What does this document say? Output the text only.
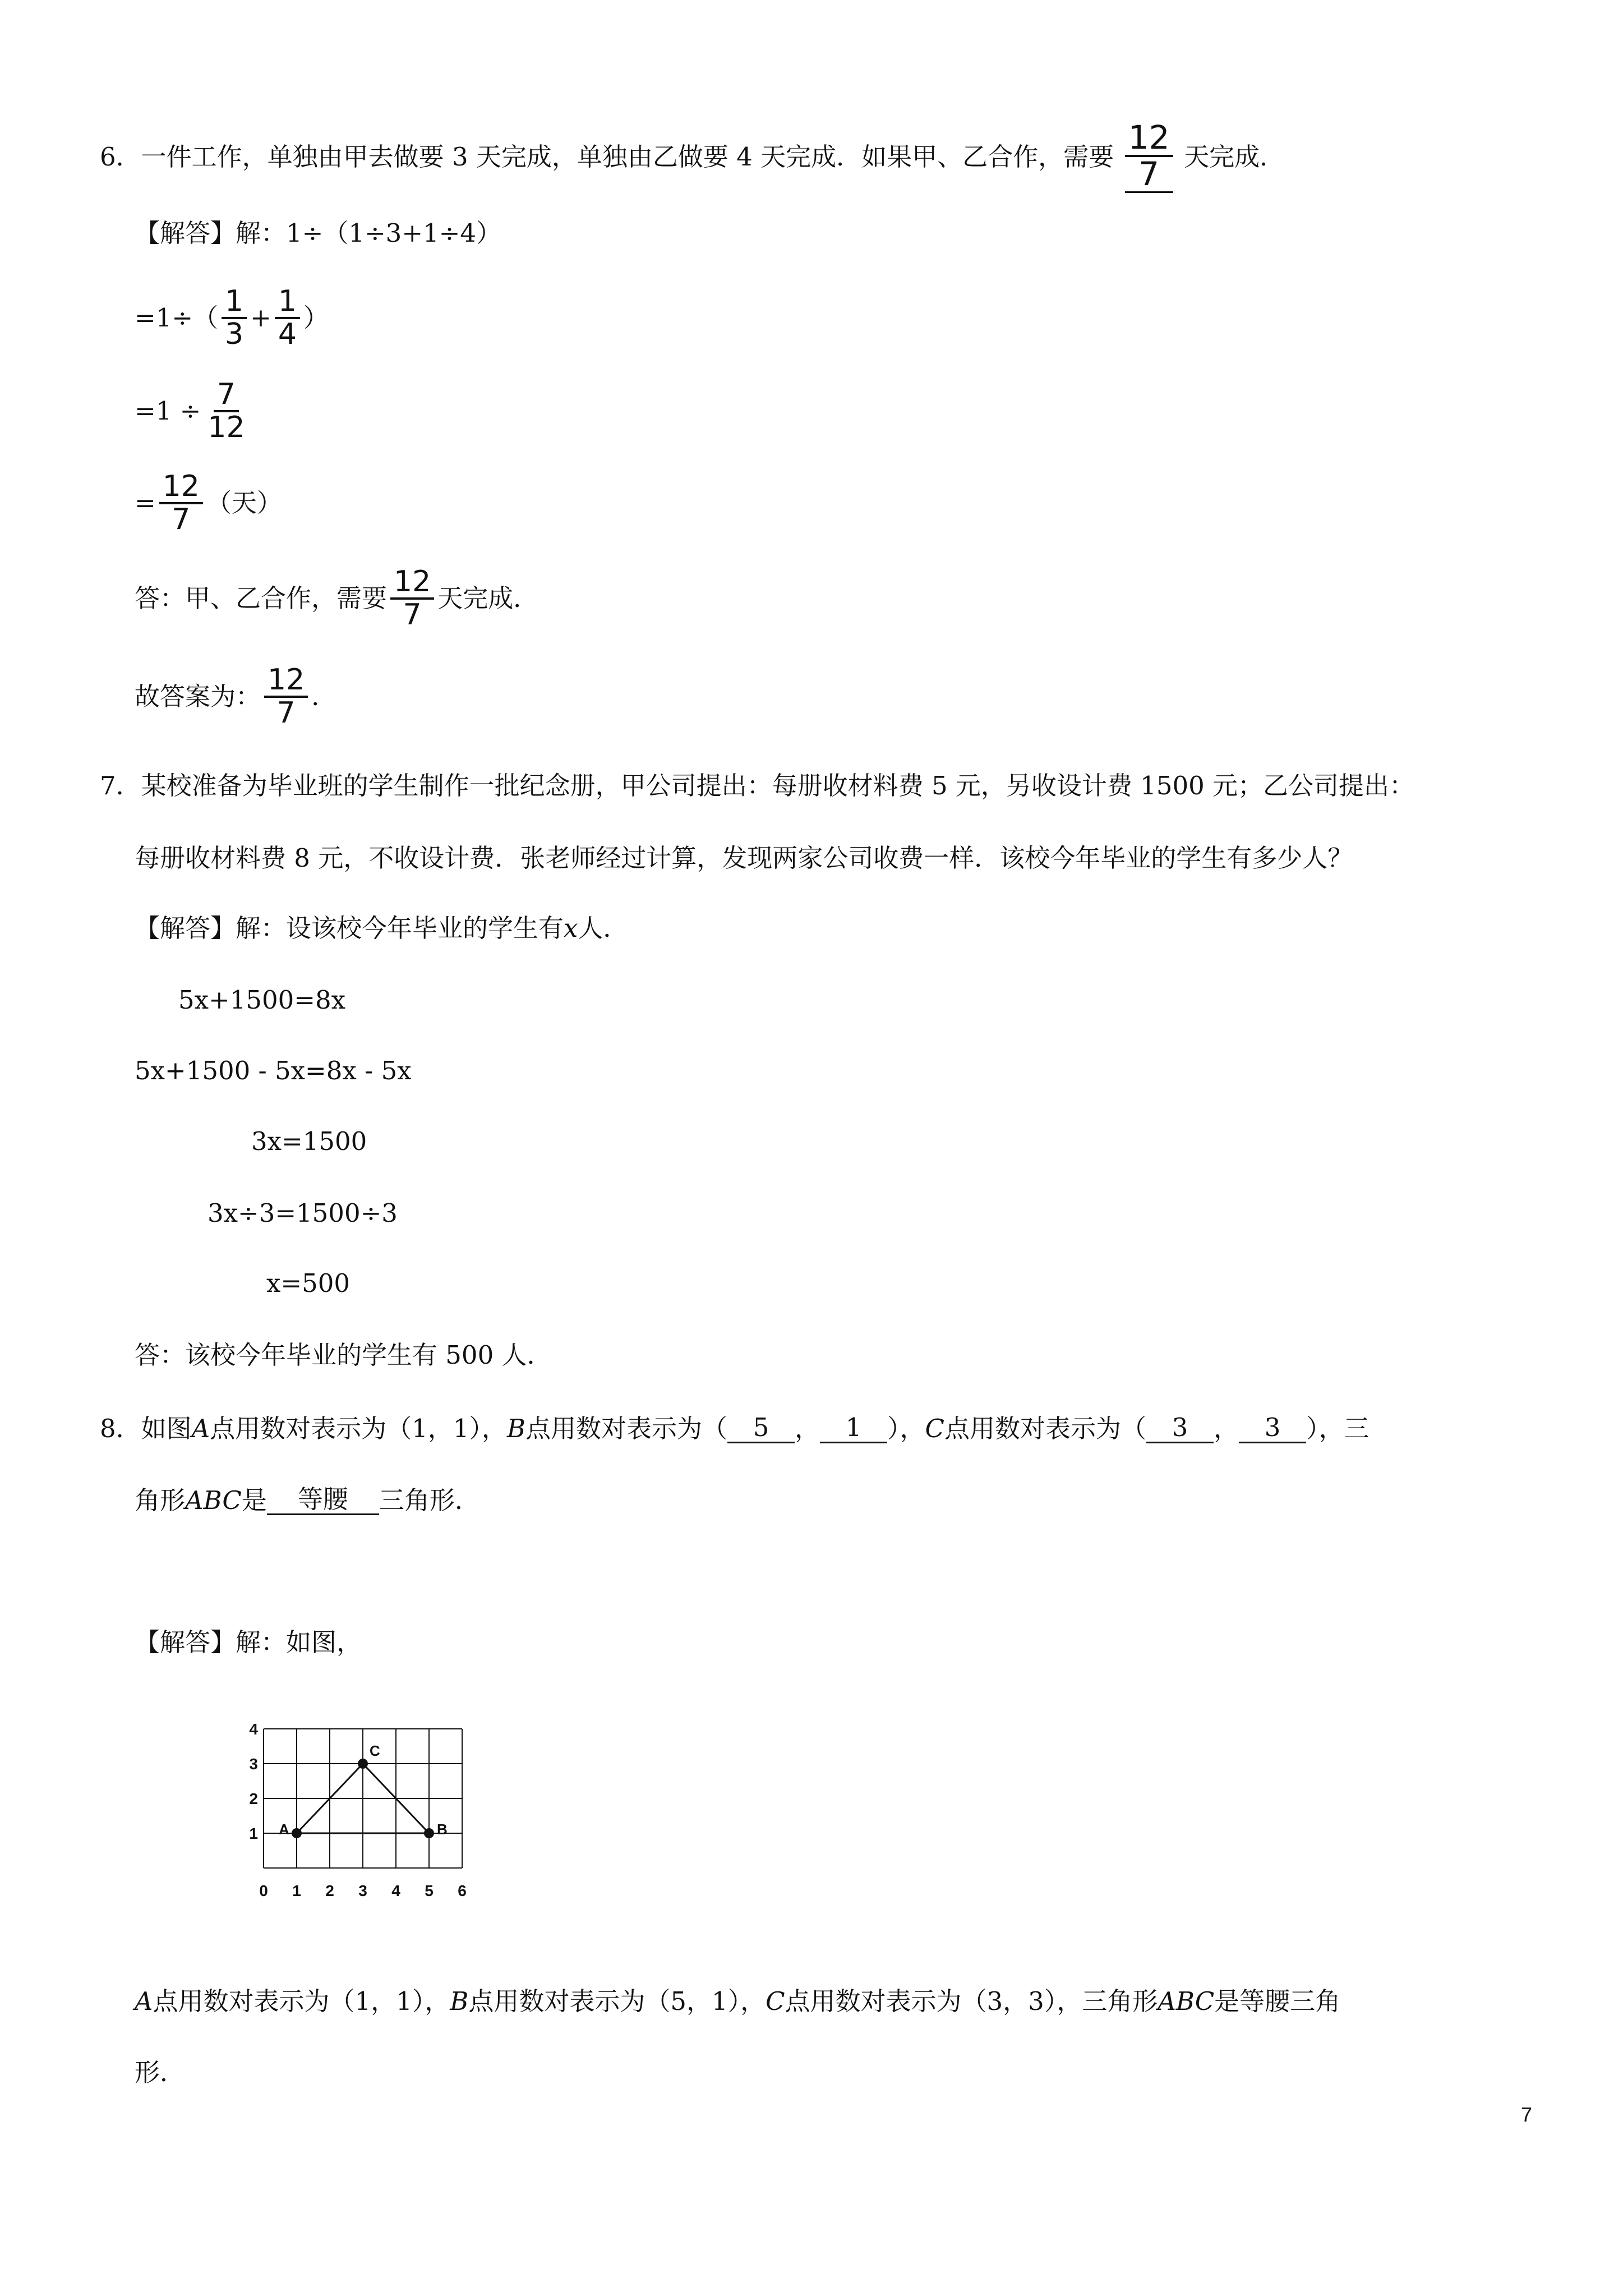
6． 一件工作，单独由甲去做要 3 天完成，单独由乙做要 4 天完成．如果甲、乙合作，需要 $\frac{12}{7}$ 天完成．
【解答】解： 1÷（1÷3+1÷4）
$=1\div( \frac{1}{3} + \frac{1}{4}$ ）
$=1 \div \frac{7}{12}$
= $\frac{12}{7}$ （天）
答：甲、乙合作，需要 $\frac{12}{7}$ 天完成．
故答案为： $\frac{12}{7}$ ．
7． 某校准备为毕业班的学生制作一批纪念册，甲公司提出：每册收材料费 5 元，另收设计费 1500 元；乙公司提出：
每册收材料费 8 元，不收设计费．张老师经过计算，发现两家公司收费一样．该校今年毕业的学生有多少人？
【解答】解： 设该校今年毕业的学生有 x 人．
5x+1500=8x
5x+1500 - 5x=8x - 5x
3x=1500
3x÷3=1500÷3
x=500
答：该校今年毕业的学生有 500 人．
8． 如图 A 点用数对表示为（1，1）， B 点用数对表示为（	5	，	1	）， C 点用数对表示为（	3	，	3	），三
角形 ABC 是	等腰	三角形．
【解答】解：如图，
0 1 2 3 4 5 6
1
2
3
4
A	B
C
A 点用数对表示为（1，1）， B 点用数对表示为（5，1）， C 点用数对表示为（3，3），三角形 ABC 是等腰三角
形．
7
